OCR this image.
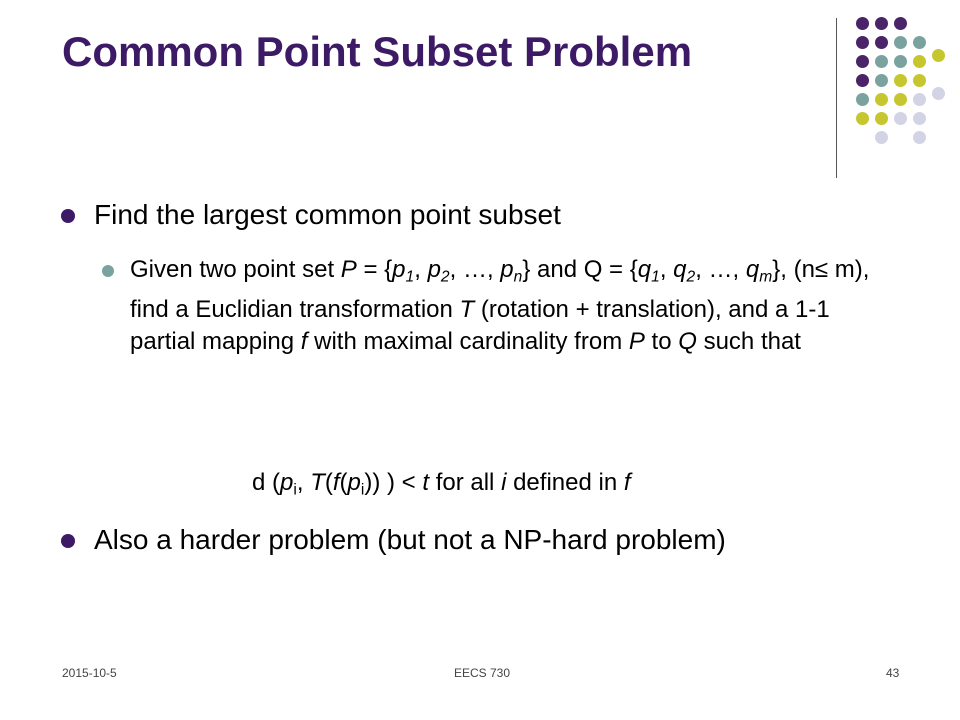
Common Point Subset Problem
Find the largest common point subset
Given two point set $P = \{p_1$, $p_2$, …, $p_n$} and $Q = \{q_1$, $q_2$, …, $q_m$}, (n≤ m), find a Euclidian transformation T (rotation + translation), and a 1-1 partial mapping f with maximal cardinality from P to Q such that
d ($p_i$, $T(f(p_i))$ ) < t for all i defined in f
Also a harder problem (but not a NP-hard problem)
2015-10-5	EECS 730	43
